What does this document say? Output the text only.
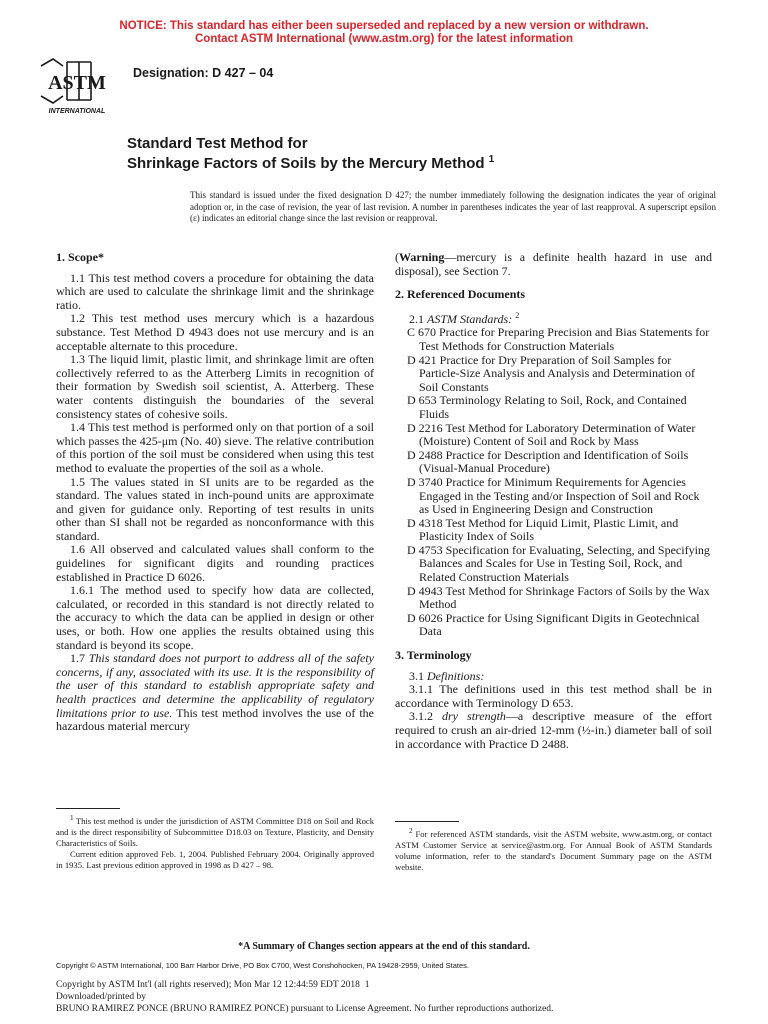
NOTICE: This standard has either been superseded and replaced by a new version or withdrawn.
Contact ASTM International (www.astm.org) for the latest information
ASTM
INTERNATIONAL
Designation: D 427 – 04
Standard Test Method for
Shrinkage Factors of Soils by the Mercury Method $^1$
This standard is issued under the fixed designation D 427; the number immediately following the designation indicates the year of original adoption or, in the case of revision, the year of last revision. A number in parentheses indicates the year of last reapproval. A superscript epsilon (ε) indicates an editorial change since the last revision or reapproval.

1. Scope*

1.1 This test method covers a procedure for obtaining the data which are used to calculate the shrinkage limit and the shrinkage ratio.

1.2 This test method uses mercury which is a hazardous substance. Test Method D 4943 does not use mercury and is an acceptable alternate to this procedure.

1.3 The liquid limit, plastic limit, and shrinkage limit are often collectively referred to as the Atterberg Limits in recognition of their formation by Swedish soil scientist, A. Atterberg. These water contents distinguish the boundaries of the several consistency states of cohesive soils.

1.4 This test method is performed only on that portion of a soil which passes the 425-μm (No. 40) sieve. The relative contribution of this portion of the soil must be considered when using this test method to evaluate the properties of the soil as a whole.

1.5 The values stated in SI units are to be regarded as the standard. The values stated in inch-pound units are approximate and given for guidance only. Reporting of test results in units other than SI shall not be regarded as nonconformance with this standard.

1.6 All observed and calculated values shall conform to the guidelines for significant digits and rounding practices established in Practice D 6026.

1.6.1 The method used to specify how data are collected, calculated, or recorded in this standard is not directly related to the accuracy to which the data can be applied in design or other uses, or both. How one applies the results obtained using this standard is beyond its scope.

1.7 This standard does not purport to address all of the safety concerns, if any, associated with its use. It is the responsibility of the user of this standard to establish appropriate safety and health practices and determine the applicability of regulatory limitations prior to use. This test method involves the use of the hazardous material mercury

(Warning—mercury is a definite health hazard in use and disposal), see Section 7.

2. Referenced Documents

2.1 ASTM Standards: $^2$

C 670 Practice for Preparing Precision and Bias Statements for Test Methods for Construction Materials

D 421 Practice for Dry Preparation of Soil Samples for Particle-Size Analysis and Analysis and Determination of Soil Constants

D 653 Terminology Relating to Soil, Rock, and Contained Fluids

D 2216 Test Method for Laboratory Determination of Water (Moisture) Content of Soil and Rock by Mass

D 2488 Practice for Description and Identification of Soils (Visual-Manual Procedure)

D 3740 Practice for Minimum Requirements for Agencies Engaged in the Testing and/or Inspection of Soil and Rock as Used in Engineering Design and Construction

D 4318 Test Method for Liquid Limit, Plastic Limit, and Plasticity Index of Soils

D 4753 Specification for Evaluating, Selecting, and Specifying Balances and Scales for Use in Testing Soil, Rock, and Related Construction Materials

D 4943 Test Method for Shrinkage Factors of Soils by the Wax Method

D 6026 Practice for Using Significant Digits in Geotechnical Data

3. Terminology

3.1 Definitions:

3.1.1 The definitions used in this test method shall be in accordance with Terminology D 653.

3.1.2 dry strength—a descriptive measure of the effort required to crush an air-dried 12-mm (½-in.) diameter ball of soil in accordance with Practice D 2488.

$^1$ This test method is under the jurisdiction of ASTM Committee D18 on Soil and Rock and is the direct responsibility of Subcommittee D18.03 on Texture, Plasticity, and Density Characteristics of Soils.

Current edition approved Feb. 1, 2004. Published February 2004. Originally approved in 1935. Last previous edition approved in 1998 as D 427 – 98.

$^2$ For referenced ASTM standards, visit the ASTM website, www.astm.org, or contact ASTM Customer Service at service@astm.org. For Annual Book of ASTM Standards volume information, refer to the standard's Document Summary page on the ASTM website.

*A Summary of Changes section appears at the end of this standard.
Copyright © ASTM International, 100 Barr Harbor Drive, PO Box C700, West Conshohocken, PA 19428-2959, United States.
Copyright by ASTM Int'l (all rights reserved); Mon Mar 12 12:44:59 EDT 2018 1
Downloaded/printed by
BRUNO RAMIREZ PONCE (BRUNO RAMIREZ PONCE) pursuant to License Agreement. No further reproductions authorized.
